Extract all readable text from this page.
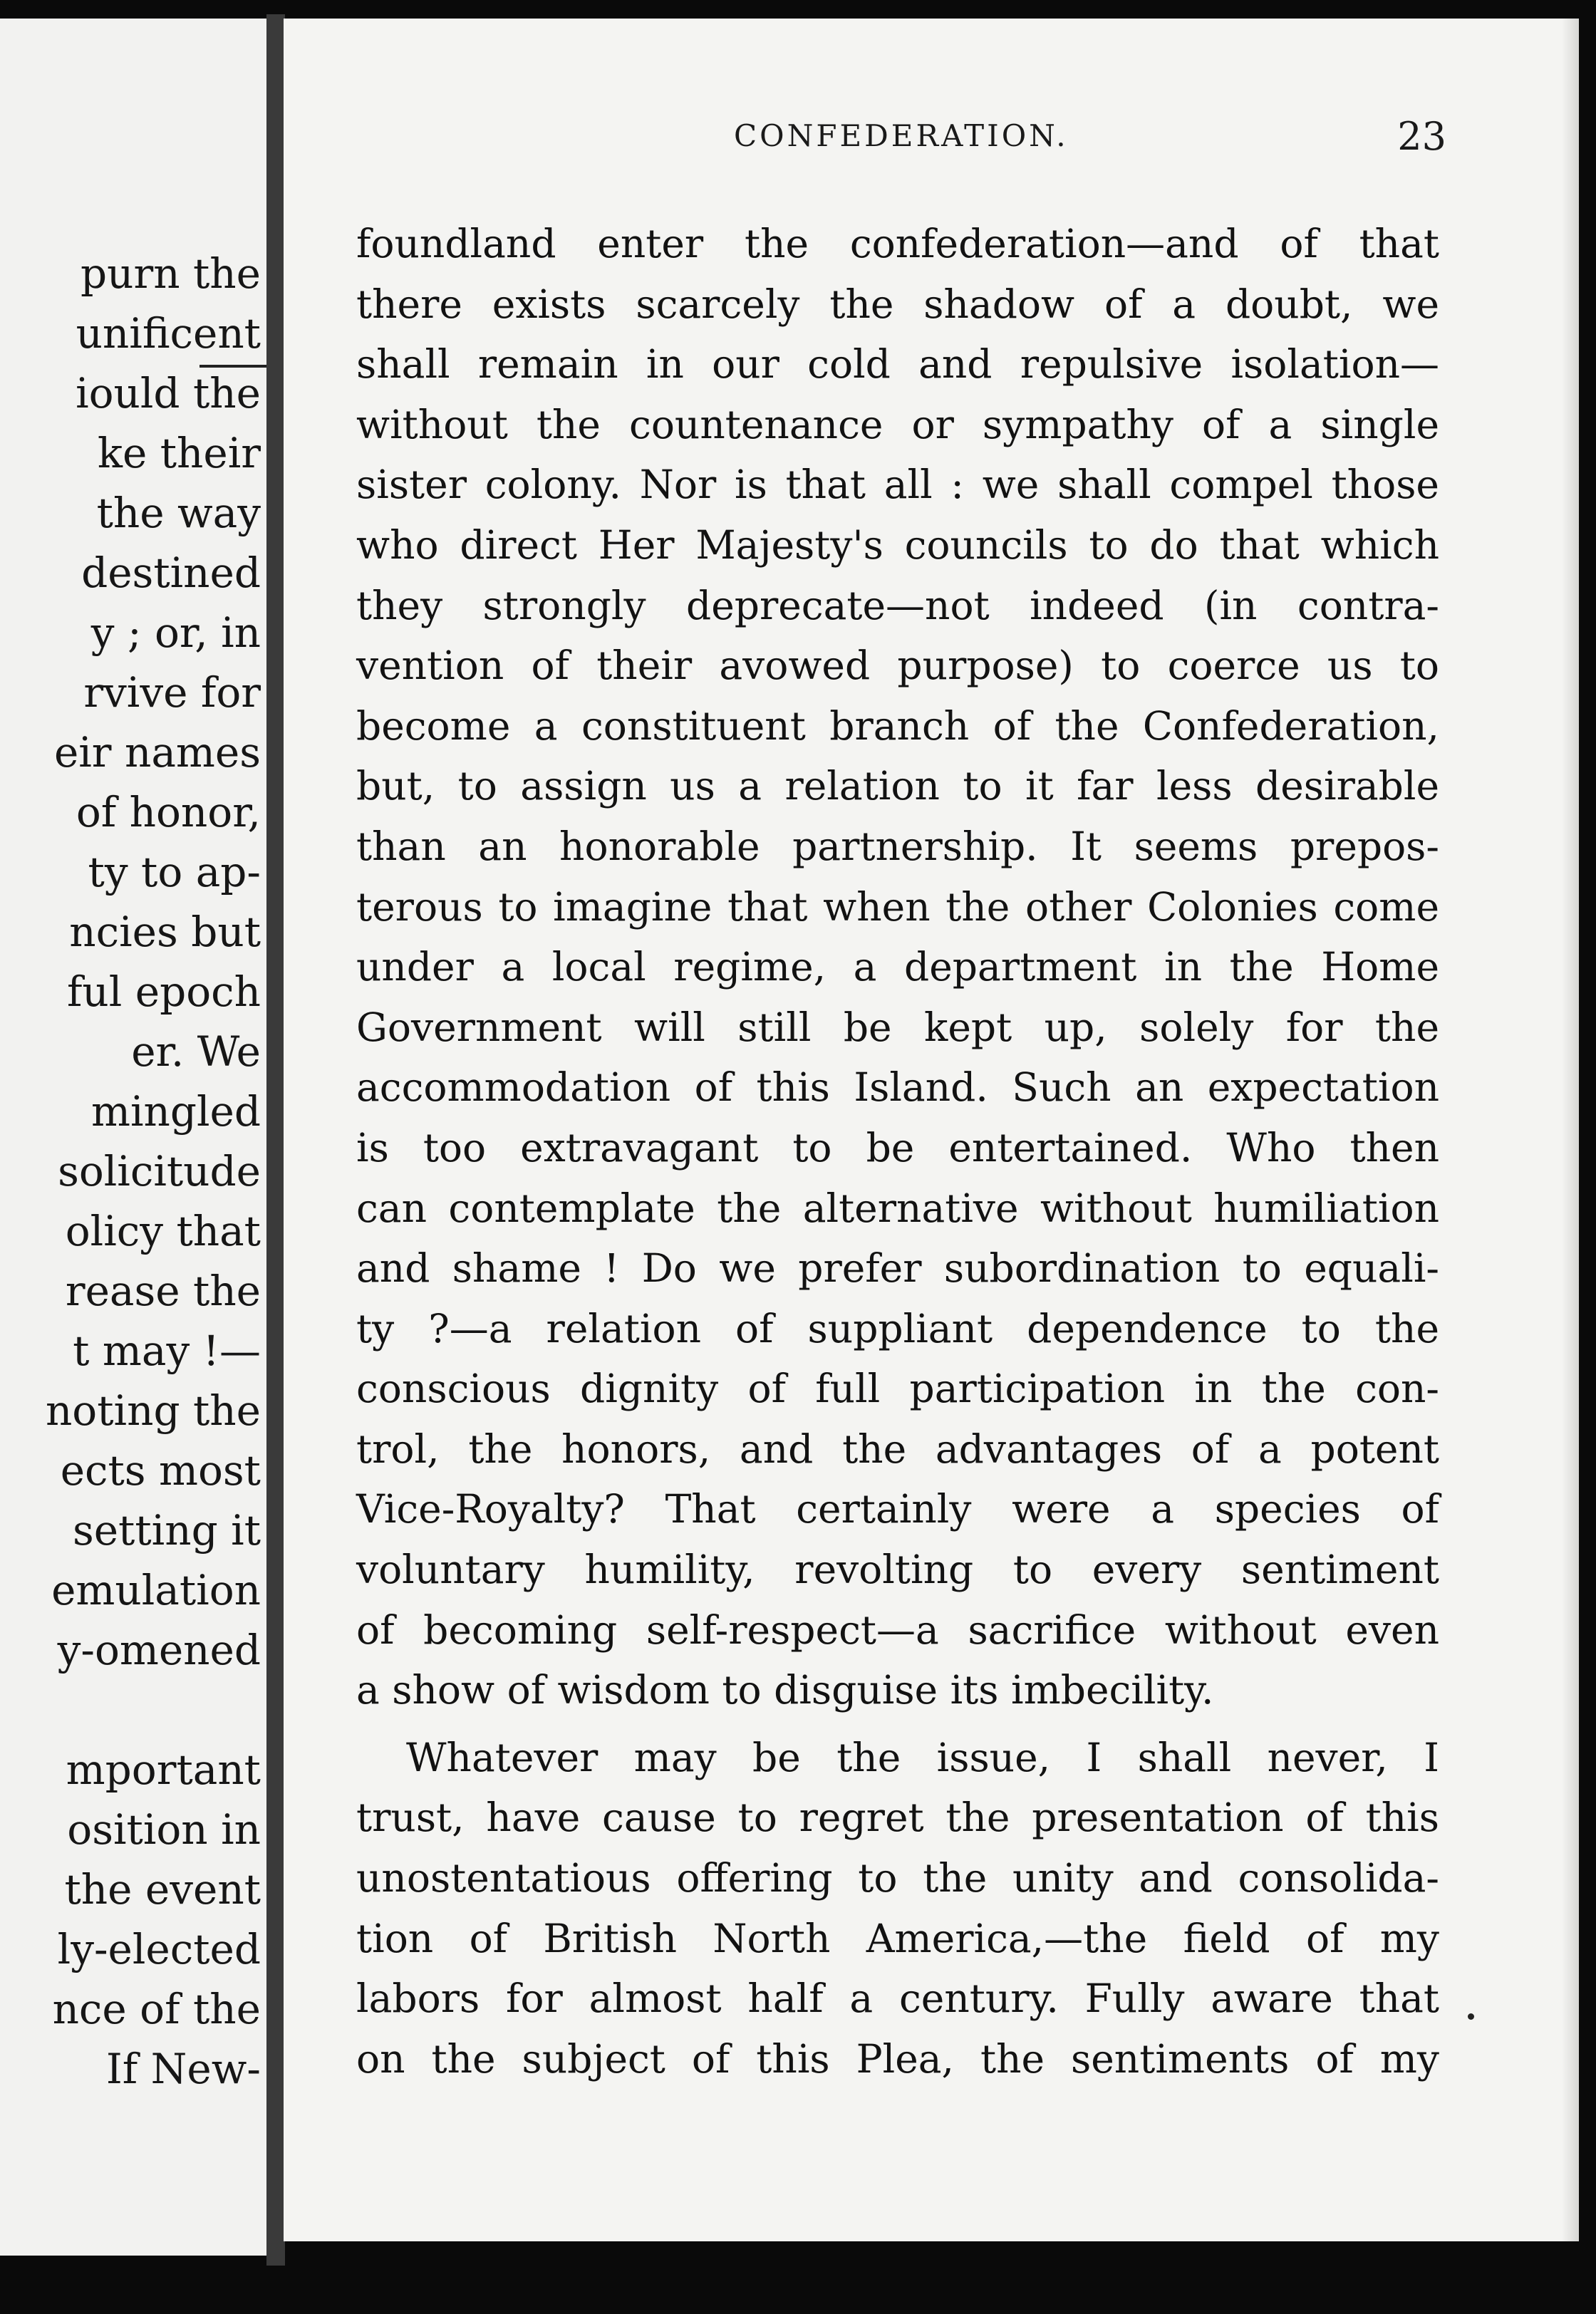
purn the
unificent
iould the
ke their
the way
destined
y ; or, in
rvive for
eir names
of honor,
ty to ap-
ncies but
ful epoch
er. We
mingled
solicitude
olicy that
rease the
t may !—
noting the
ects most
setting it
emulation
y-omened
mportant
osition in
the event
ly-elected
nce of the
If New-
CONFEDERATION.	23
foundland enter the confederation—and of that
there exists scarcely the shadow of a doubt, we
shall remain in our cold and repulsive isolation—
without the countenance or sympathy of a single
sister colony. Nor is that all : we shall compel those
who direct Her Majesty's councils to do that which
they strongly deprecate—not indeed (in contra-
vention of their avowed purpose) to coerce us to
become a constituent branch of the Confederation,
but, to assign us a relation to it far less desirable
than an honorable partnership. It seems prepos-
terous to imagine that when the other Colonies come
under a local regime, a department in the Home
Government will still be kept up, solely for the
accommodation of this Island. Such an expectation
is too extravagant to be entertained. Who then
can contemplate the alternative without humiliation
and shame ! Do we prefer subordination to equali-
ty ?—a relation of suppliant dependence to the
conscious dignity of full participation in the con-
trol, the honors, and the advantages of a potent
Vice-Royalty? That certainly were a species of
voluntary humility, revolting to every sentiment
of becoming self-respect—a sacrifice without even
a show of wisdom to disguise its imbecility.
Whatever may be the issue, I shall never, I
trust, have cause to regret the presentation of this
unostentatious offering to the unity and consolida-
tion of British North America,—the field of my
labors for almost half a century. Fully aware that
on the subject of this Plea, the sentiments of my
